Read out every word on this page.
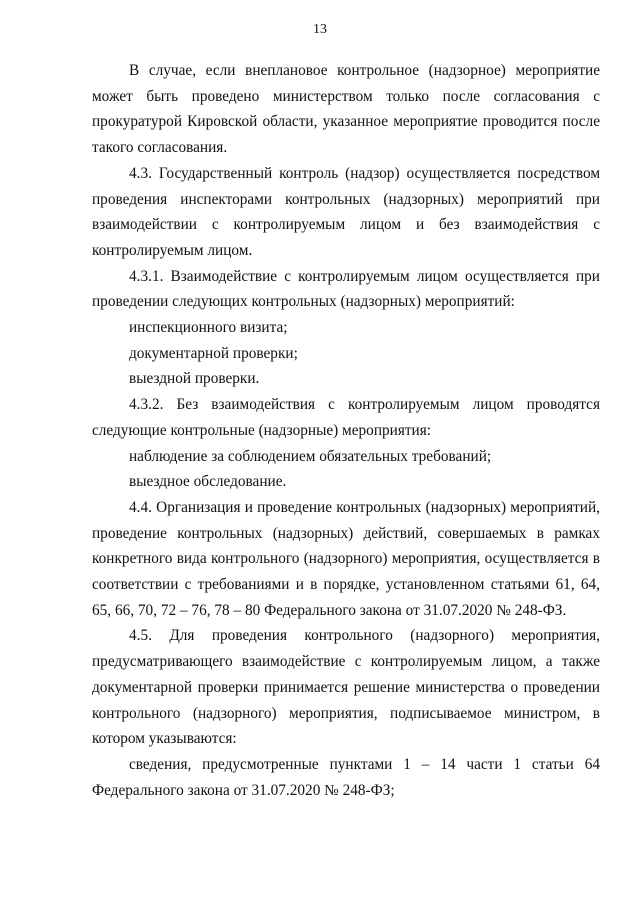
13

В случае, если внеплановое контрольное (надзорное) мероприятие может быть проведено министерством только после согласования с прокуратурой Кировской области, указанное мероприятие проводится после такого согласования.

4.3. Государственный контроль (надзор) осуществляется посредством проведения инспекторами контрольных (надзорных) мероприятий при взаимодействии с контролируемым лицом и без взаимодействия с контролируемым лицом.

4.3.1. Взаимодействие с контролируемым лицом осуществляется при проведении следующих контрольных (надзорных) мероприятий:

инспекционного визита;

документарной проверки;

выездной проверки.

4.3.2. Без взаимодействия с контролируемым лицом проводятся следующие контрольные (надзорные) мероприятия:

наблюдение за соблюдением обязательных требований;

выездное обследование.

4.4. Организация и проведение контрольных (надзорных) мероприятий, проведение контрольных (надзорных) действий, совершаемых в рамках конкретного вида контрольного (надзорного) мероприятия, осуществляется в соответствии с требованиями и в порядке, установленном статьями 61, 64, 65, 66, 70, 72 – 76, 78 – 80 Федерального закона от 31.07.2020 № 248-ФЗ.

4.5. Для проведения контрольного (надзорного) мероприятия, предусматривающего взаимодействие с контролируемым лицом, а также документарной проверки принимается решение министерства о проведении контрольного (надзорного) мероприятия, подписываемое министром, в котором указываются:

сведения, предусмотренные пунктами 1 – 14 части 1 статьи 64 Федерального закона от 31.07.2020 № 248-ФЗ;
